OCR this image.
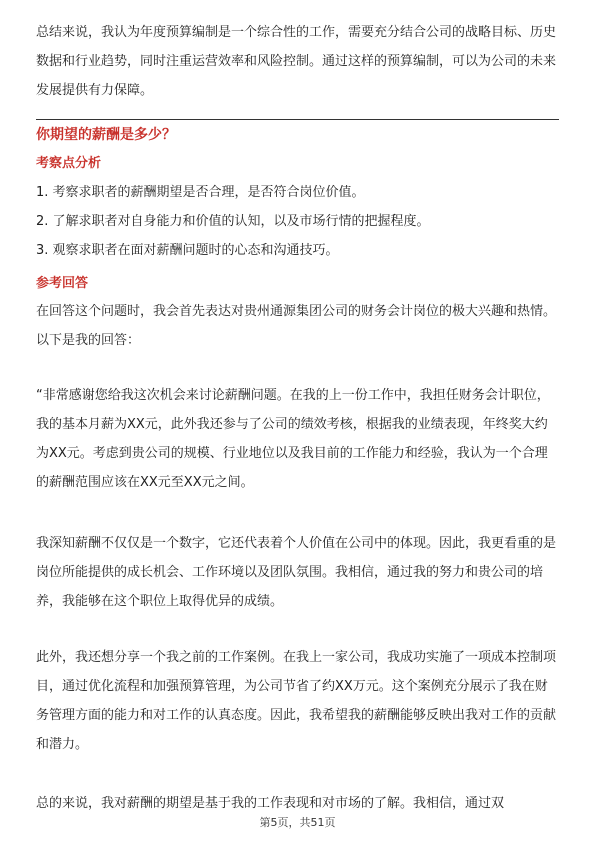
总结来说，我认为年度预算编制是一个综合性的工作，需要充分结合公司的战略目标、历史数据和行业趋势，同时注重运营效率和风险控制。通过这样的预算编制，可以为公司的未来发展提供有力保障。

你期望的薪酬是多少？
考察点分析
1. 考察求职者的薪酬期望是否合理，是否符合岗位价值。
2. 了解求职者对自身能力和价值的认知，以及市场行情的把握程度。
3. 观察求职者在面对薪酬问题时的心态和沟通技巧。
参考回答

在回答这个问题时，我会首先表达对贵州通源集团公司的财务会计岗位的极大兴趣和热情。以下是我的回答：

“非常感谢您给我这次机会来讨论薪酬问题。在我的上一份工作中，我担任财务会计职位，我的基本月薪为XX元，此外我还参与了公司的绩效考核，根据我的业绩表现，年终奖大约为XX元。考虑到贵公司的规模、行业地位以及我目前的工作能力和经验，我认为一个合理的薪酬范围应该在XX元至XX元之间。

我深知薪酬不仅仅是一个数字，它还代表着个人价值在公司中的体现。因此，我更看重的是岗位所能提供的成长机会、工作环境以及团队氛围。我相信，通过我的努力和贵公司的培养，我能够在这个职位上取得优异的成绩。

此外，我还想分享一个我之前的工作案例。在我上一家公司，我成功实施了一项成本控制项目，通过优化流程和加强预算管理，为公司节省了约XX万元。这个案例充分展示了我在财务管理方面的能力和对工作的认真态度。因此，我希望我的薪酬能够反映出我对工作的贡献和潜力。

总的来说，我对薪酬的期望是基于我的工作表现和对市场的了解。我相信，通过双

第5页，共51页
